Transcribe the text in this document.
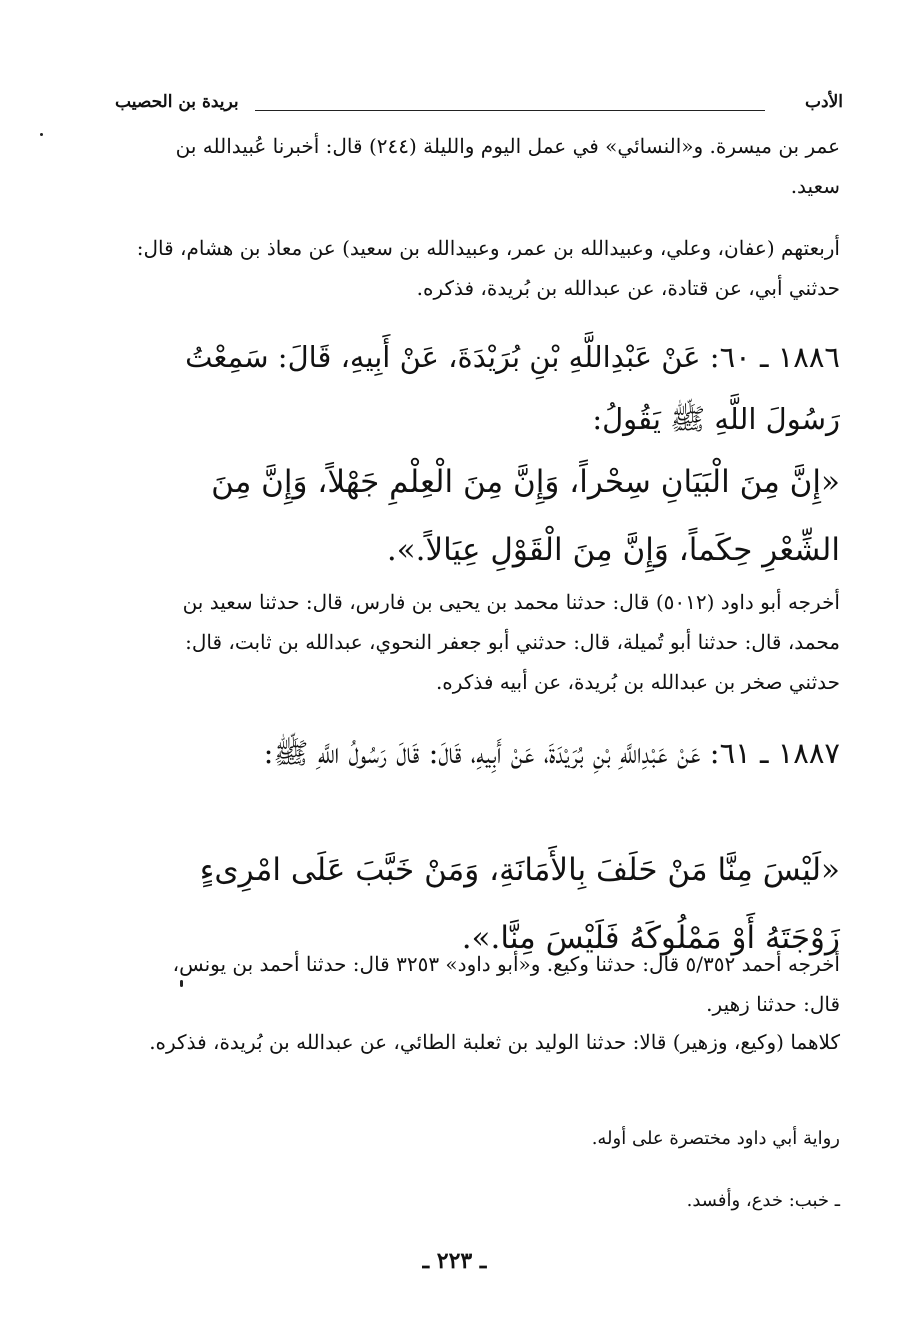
الأدب
بريدة بن الحصيب
عمر بن ميسرة. و«النسائي» في عمل اليوم والليلة (٢٤٤) قال: أخبرنا عُبيدالله بن سعيد.
أربعتهم (عفان، وعلي، وعبيدالله بن عمر، وعبيدالله بن سعيد) عن معاذ بن هشام، قال: حدثني أبي، عن قتادة، عن عبدالله بن بُريدة، فذكره.
١٨٨٦ ـ ٦٠: عَنْ عَبْدِاللَّهِ بْنِ بُرَيْدَةَ، عَنْ أَبِيهِ، قَالَ: سَمِعْتُ رَسُولَ اللَّهِ ﷺ يَقُولُ:
«إِنَّ مِنَ الْبَيَانِ سِحْراً، وَإِنَّ مِنَ الْعِلْمِ جَهْلاً، وَإِنَّ مِنَ الشِّعْرِ حِكَماً، وَإِنَّ مِنَ الْقَوْلِ عِيَالاً.».
أخرجه أبو داود (٥٠١٢) قال: حدثنا محمد بن يحيى بن فارس، قال: حدثنا سعيد بن محمد، قال: حدثنا أبو تُميلة، قال: حدثني أبو جعفر النحوي، عبدالله بن ثابت، قال: حدثني صخر بن عبدالله بن بُريدة، عن أبيه فذكره.
١٨٨٧ ـ ٦١: عَنْ عَبْدِاللَّهِ بْنِ بُرَيْدَةَ، عَنْ أَبِيهِ، قَالَ: قَالَ رَسُولُ اللَّهِ ﷺ:
«لَيْسَ مِنَّا مَنْ حَلَفَ بِالأَمَانَةِ، وَمَنْ خَبَّبَ عَلَى امْرِىءٍ زَوْجَتَهُ أَوْ مَمْلُوكَهُ فَلَيْسَ مِنَّا.».
أخرجه أحمد ٥/٣٥٢ قال: حدثنا وكيع. و«أبو داود» ٣٢٥٣ قال: حدثنا أحمد بن يونس، قال: حدثنا زهير.
كلاهما (وكيع، وزهير) قالا: حدثنا الوليد بن ثعلبة الطائي، عن عبدالله بن بُريدة، فذكره.
رواية أبي داود مختصرة على أوله.
ـ خبب: خدع، وأفسد.
ـ ٢٢٣ ـ
